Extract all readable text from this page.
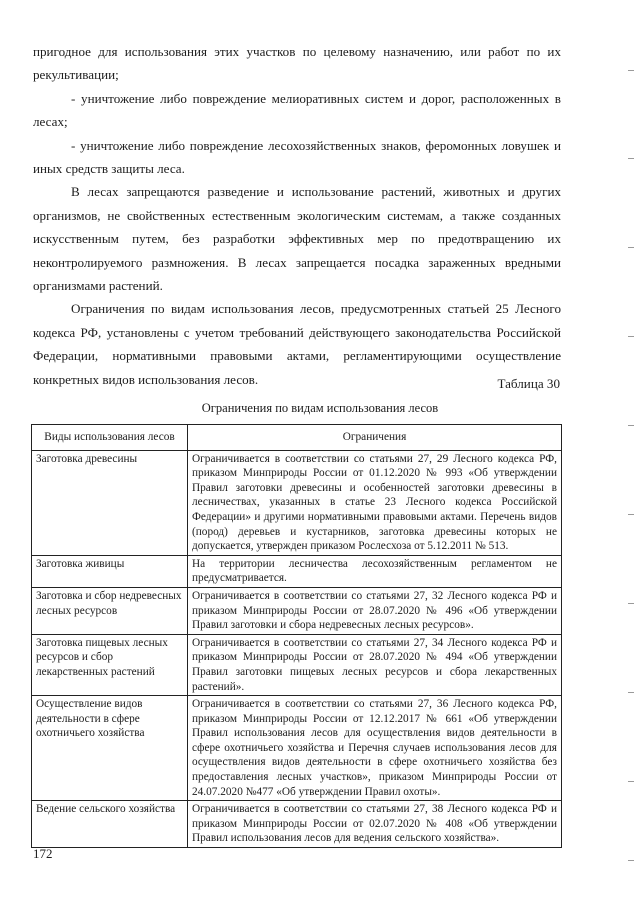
пригодное для использования этих участков по целевому назначению, или работ по их рекультивации;

- уничтожение либо повреждение мелиоративных систем и дорог, расположенных в лесах;

- уничтожение либо повреждение лесохозяйственных знаков, феромонных ловушек и иных средств защиты леса.

В лесах запрещаются разведение и использование растений, животных и других организмов, не свойственных естественным экологическим системам, а также созданных искусственным путем, без разработки эффективных мер по предотвращению их неконтролируемого размножения. В лесах запрещается посадка зараженных вредными организмами растений.

Ограничения по видам использования лесов, предусмотренных статьей 25 Лесного кодекса РФ, установлены с учетом требований действующего законодательства Российской Федерации, нормативными правовыми актами, регламентирующими осуществление конкретных видов использования лесов.	Таблица 30
Ограничения по видам использования лесов
Виды использования лесов	Ограничения
Заготовка древесины	Ограничивается в соответствии со статьями 27, 29 Лесного кодекса РФ, приказом Минприроды России от 01.12.2020 № 993 «Об утверждении Правил заготовки древесины и особенностей заготовки древесины в лесничествах, указанных в статье 23 Лесного кодекса Российской Федерации» и другими нормативными правовыми актами. Перечень видов (пород) деревьев и кустарников, заготовка древесины которых не допускается, утвержден приказом Рослесхоза от 5.12.2011 № 513.
Заготовка живицы	На территории лесничества лесохозяйственным регламентом не предусматривается.
Заготовка и сбор недревесных лесных ресурсов	Ограничивается в соответствии со статьями 27, 32 Лесного кодекса РФ и приказом Минприроды России от 28.07.2020 № 496 «Об утверждении Правил заготовки и сбора недревесных лесных ресурсов».
Заготовка пищевых лесных ресурсов и сбор лекарственных растений	Ограничивается в соответствии со статьями 27, 34 Лесного кодекса РФ и приказом Минприроды России от 28.07.2020 № 494 «Об утверждении Правил заготовки пищевых лесных ресурсов и сбора лекарственных растений».
Осуществление видов деятельности в сфере охотничьего хозяйства	Ограничивается в соответствии со статьями 27, 36 Лесного кодекса РФ, приказом Минприроды России от 12.12.2017 № 661 «Об утверждении Правил использования лесов для осуществления видов деятельности в сфере охотничьего хозяйства и Перечня случаев использования лесов для осуществления видов деятельности в сфере охотничьего хозяйства без предоставления лесных участков», приказом Минприроды России от 24.07.2020 №477 «Об утверждении Правил охоты».
Ведение сельского хозяйства	Ограничивается в соответствии со статьями 27, 38 Лесного кодекса РФ и приказом Минприроды России от 02.07.2020 № 408 «Об утверждении Правил использования лесов для ведения сельского хозяйства».
172
